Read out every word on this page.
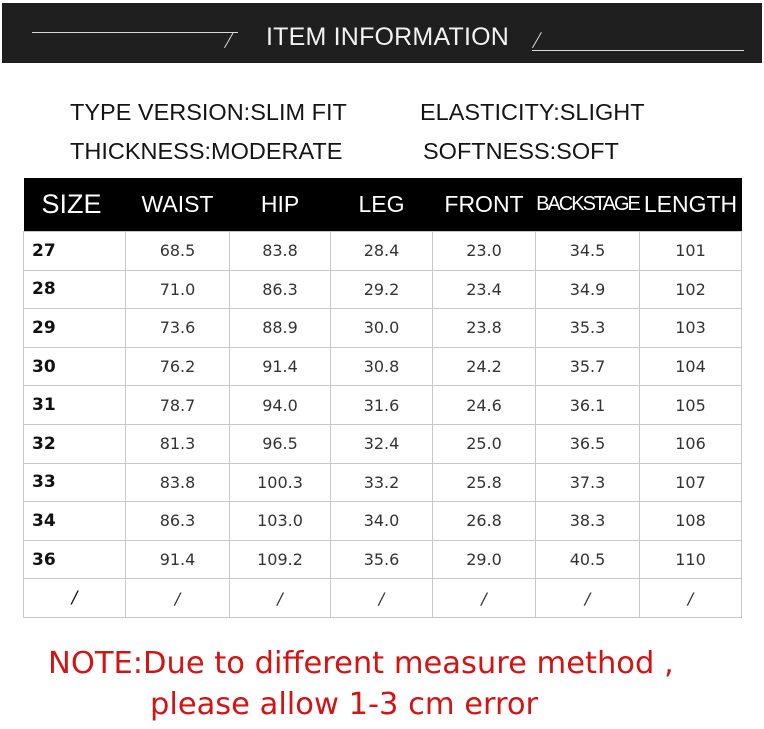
ITEM INFORMATION
TYPE VERSION:SLIM FIT	ELASTICITY:SLIGHT
THICKNESS:MODERATE	SOFTNESS:SOFT
SIZE	WAIST	HIP	LEG	FRONT	BACKSTAGE	LENGTH
27	68.5	83.8	28.4	23.0	34.5	101
28	71.0	86.3	29.2	23.4	34.9	102
29	73.6	88.9	30.0	23.8	35.3	103
30	76.2	91.4	30.8	24.2	35.7	104
31	78.7	94.0	31.6	24.6	36.1	105
32	81.3	96.5	32.4	25.0	36.5	106
33	83.8	100.3	33.2	25.8	37.3	107
34	86.3	103.0	34.0	26.8	38.3	108
36	91.4	109.2	35.6	29.0	40.5	110
/	/	/	/	/	/	/
NOTE:Due to different measure method ,
please allow 1-3 cm error
